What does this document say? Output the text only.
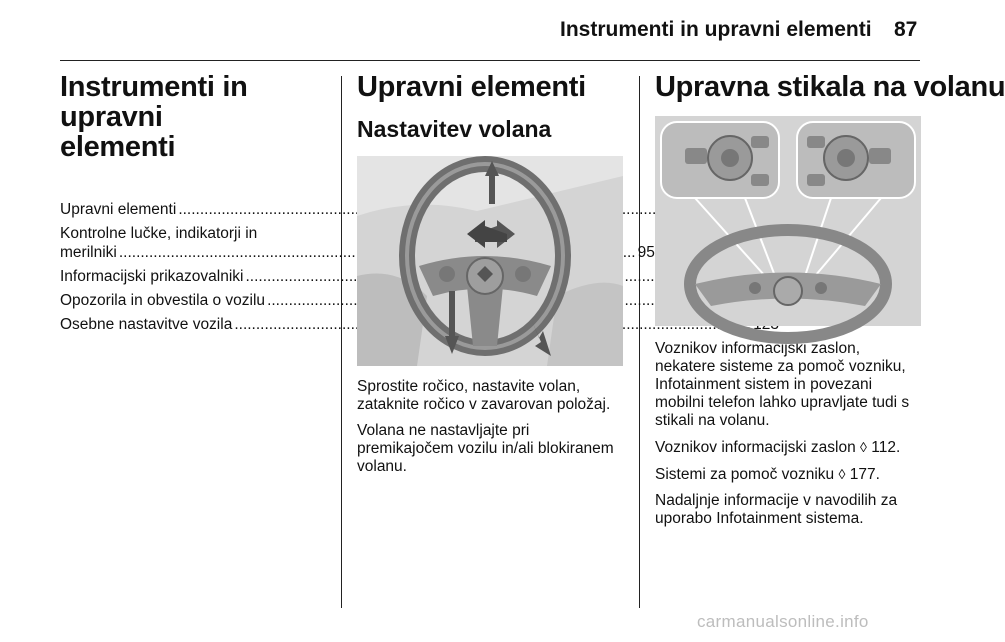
Instrumenti in upravni elementi 87
Instrumenti in upravni
elementi
Upravni elementi
.....
Kontrolne lučke, indikatorji in
merilniki
.....	95
Informacijski prikazovalniki
.....
Opozorila in obvestila o vozilu
.....
Osebne nastavitve vozila
.....
Upravni elementi
Nastavitev volana
Sprostite ročico, nastavite volan, zataknite ročico v zavarovan položaj.
Volana ne nastavljajte pri premikajočem vozilu in/ali blokiranem volanu.
Upravna stikala na volanu
Voznikov informacijski zaslon, nekatere sisteme za pomoč vozniku, Infotainment sistem in povezani mobilni telefon lahko upravljate tudi s stikali na volanu.
Voznikov informacijski zaslon ◊ 112.
Sistemi za pomoč vozniku ◊ 177.
Nadaljnje informacije v navodilih za uporabo Infotainment sistema.
carmanualsonline.info
